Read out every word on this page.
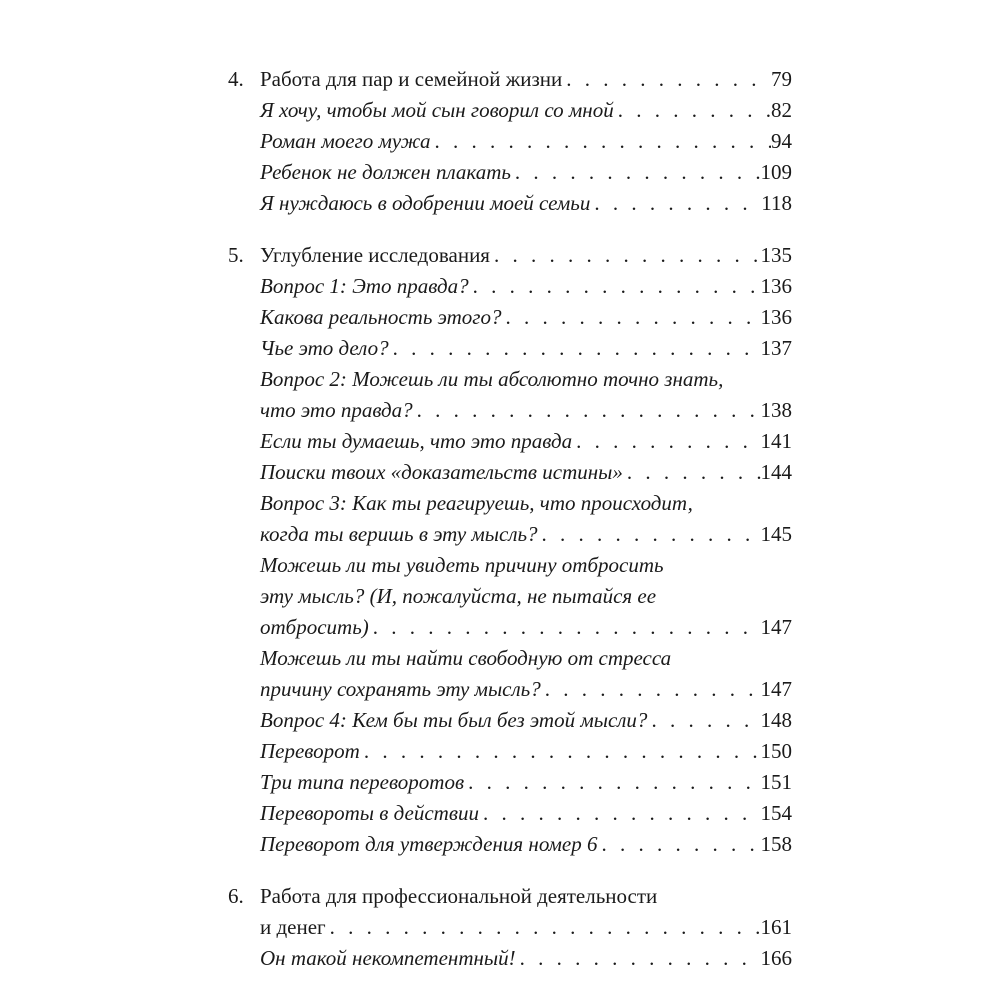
4. Работа для пар и семейной жизни . . .	79
Я хочу, чтобы мой сын говорил со мной . . .	82
Роман моего мужа . . .	94
Ребенок не должен плакать . . .	109
Я нуждаюсь в одобрении моей семьи . . .	118
5. Углубление исследования . . .	135
Вопрос 1: Это правда? . . .	136
Какова реальность этого? . . .	136
Чье это дело? . . .	137
Вопрос 2: Можешь ли ты абсолютно точно знать,
что это правда? . . .	138
Если ты думаешь, что это правда . . .	141
Поиски твоих «доказательств истины» . . .	144
Вопрос 3: Как ты реагируешь, что происходит,
когда ты веришь в эту мысль? . . .	145
Можешь ли ты увидеть причину отбросить
эту мысль? (И, пожалуйста, не пытайся ее
отбросить) . . .	147
Можешь ли ты найти свободную от стресса
причину сохранять эту мысль? . . .	147
Вопрос 4: Кем бы ты был без этой мысли? . . .	148
Переворот . . .	150
Три типа переворотов . . .	151
Перевороты в действии . . .	154
Переворот для утверждения номер 6 . . .	158
6. Работа для профессиональной деятельности
и денег . . .	161
Он такой некомпетентный! . . .	166
